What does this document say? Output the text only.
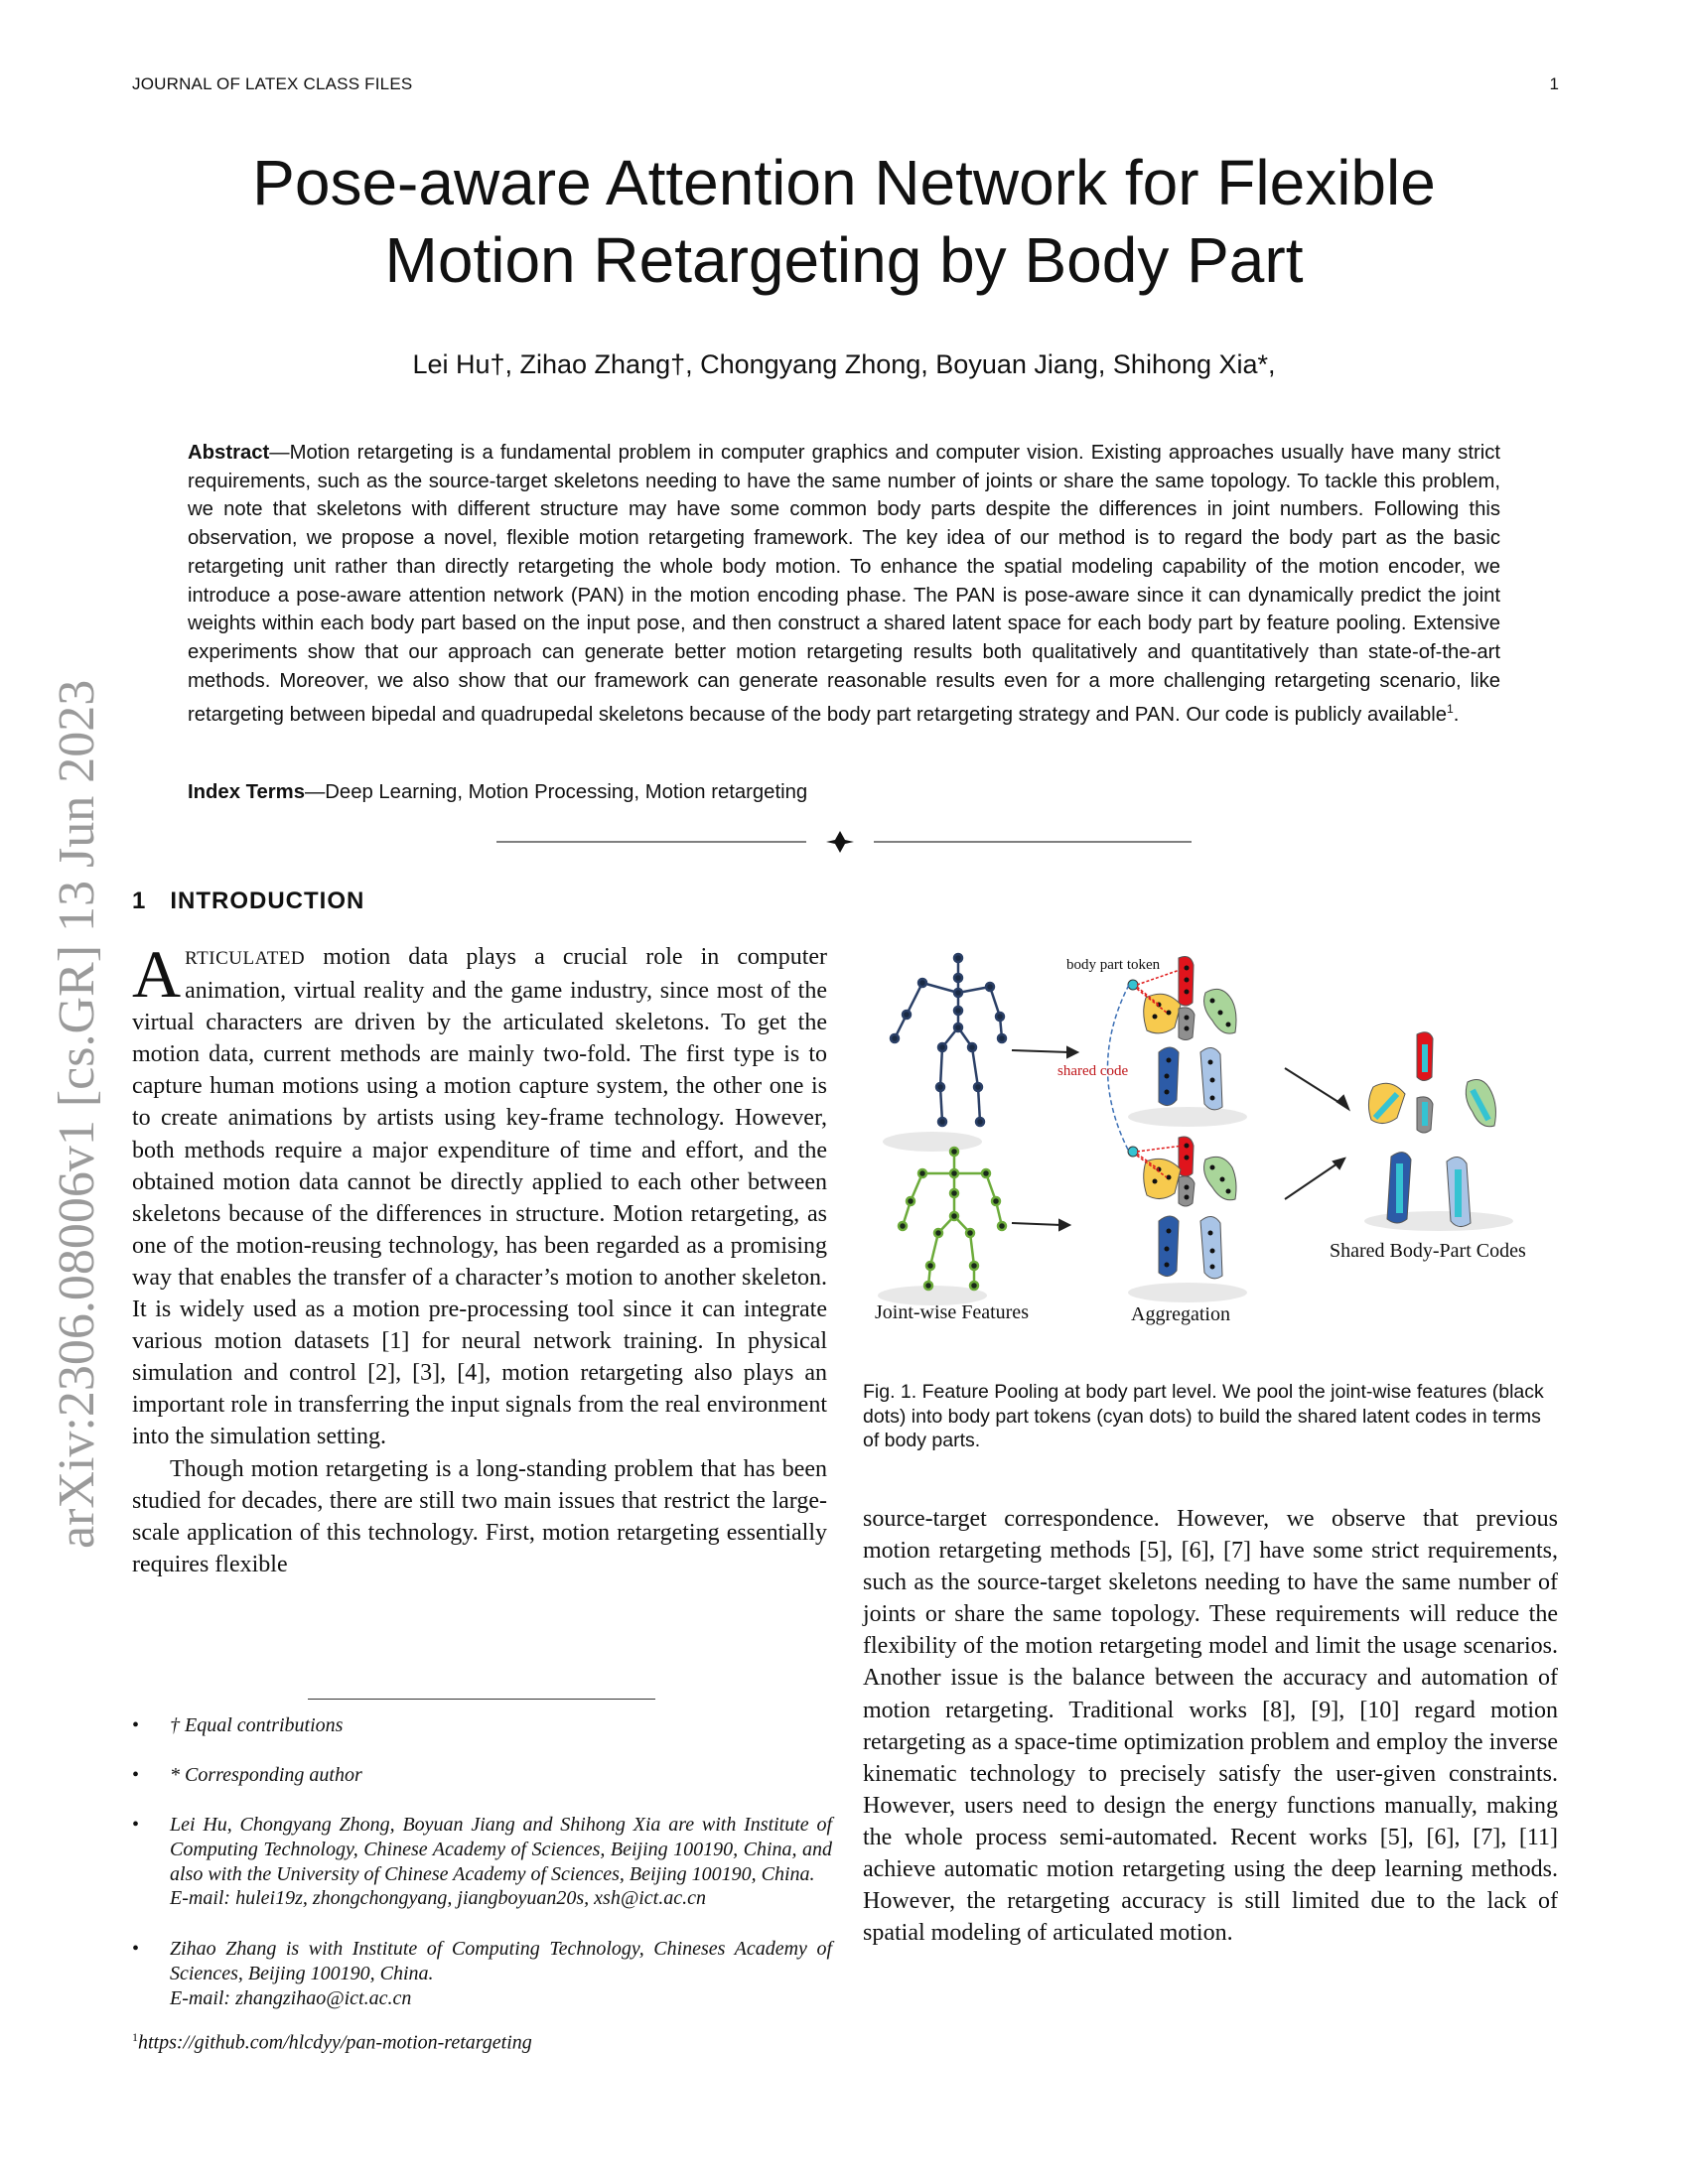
JOURNAL OF LATEX CLASS FILES	1
arXiv:2306.08006v1 [cs.GR] 13 Jun 2023
Pose-aware Attention Network for Flexible
Motion Retargeting by Body Part
Lei Hu†, Zihao Zhang†, Chongyang Zhong, Boyuan Jiang, Shihong Xia*,
Abstract—Motion retargeting is a fundamental problem in computer graphics and computer vision. Existing approaches usually have many strict requirements, such as the source-target skeletons needing to have the same number of joints or share the same topology. To tackle this problem, we note that skeletons with different structure may have some common body parts despite the differences in joint numbers. Following this observation, we propose a novel, flexible motion retargeting framework. The key idea of our method is to regard the body part as the basic retargeting unit rather than directly retargeting the whole body motion. To enhance the spatial modeling capability of the motion encoder, we introduce a pose-aware attention network (PAN) in the motion encoding phase. The PAN is pose-aware since it can dynamically predict the joint weights within each body part based on the input pose, and then construct a shared latent space for each body part by feature pooling. Extensive experiments show that our approach can generate better motion retargeting results both qualitatively and quantitatively than state-of-the-art methods. Moreover, we also show that our framework can generate reasonable results even for a more challenging retargeting scenario, like retargeting between bipedal and quadrupedal skeletons because of the body part retargeting strategy and PAN. Our code is publicly available$^1$.
Index Terms—Deep Learning, Motion Processing, Motion retargeting
1 INTRODUCTION

ARTICULATED motion data plays a crucial role in computer animation, virtual reality and the game industry, since most of the virtual characters are driven by the articulated skeletons. To get the motion data, current methods are mainly two-fold. The first type is to capture human motions using a motion capture system, the other one is to create animations by artists using key-frame technology. However, both methods require a major expenditure of time and effort, and the obtained motion data cannot be directly applied to each other between skeletons because of the differences in structure. Motion retargeting, as one of the motion-reusing technology, has been regarded as a promising way that enables the transfer of a character’s motion to another skeleton. It is widely used as a motion pre-processing tool since it can integrate various motion datasets [1] for neural network training. In physical simulation and control [2], [3], [4], motion retargeting also plays an important role in transferring the input signals from the real environment into the simulation setting.

Though motion retargeting is a long-standing problem that has been studied for decades, there are still two main issues that restrict the large-scale application of this technology. First, motion retargeting essentially requires flexible

• † Equal contributions
• * Corresponding author
• Lei Hu, Chongyang Zhong, Boyuan Jiang and Shihong Xia are with Institute of Computing Technology, Chinese Academy of Sciences, Beijing 100190, China, and also with the University of Chinese Academy of Sciences, Beijing 100190, China.
E-mail: hulei19z, zhongchongyang, jiangboyuan20s, xsh@ict.ac.cn
• Zihao Zhang is with Institute of Computing Technology, Chineses Academy of Sciences, Beijing 100190, China.
E-mail: zhangzihao@ict.ac.cn
$^1$https://github.com/hlcdyy/pan-motion-retargeting
body part token
shared code
Joint-wise Features	Aggregation
Shared Body-Part Codes
Fig. 1. Feature Pooling at body part level. We pool the joint-wise features (black dots) into body part tokens (cyan dots) to build the shared latent codes in terms of body parts.

source-target correspondence. However, we observe that previous motion retargeting methods [5], [6], [7] have some strict requirements, such as the source-target skeletons needing to have the same number of joints or share the same topology. These requirements will reduce the flexibility of the motion retargeting model and limit the usage scenarios. Another issue is the balance between the accuracy and automation of motion retargeting. Traditional works [8], [9], [10] regard motion retargeting as a space-time optimization problem and employ the inverse kinematic technology to precisely satisfy the user-given constraints. However, users need to design the energy functions manually, making the whole process semi-automated. Recent works [5], [6], [7], [11] achieve automatic motion retargeting using the deep learning methods. However, the retargeting accuracy is still limited due to the lack of spatial modeling of articulated motion.
